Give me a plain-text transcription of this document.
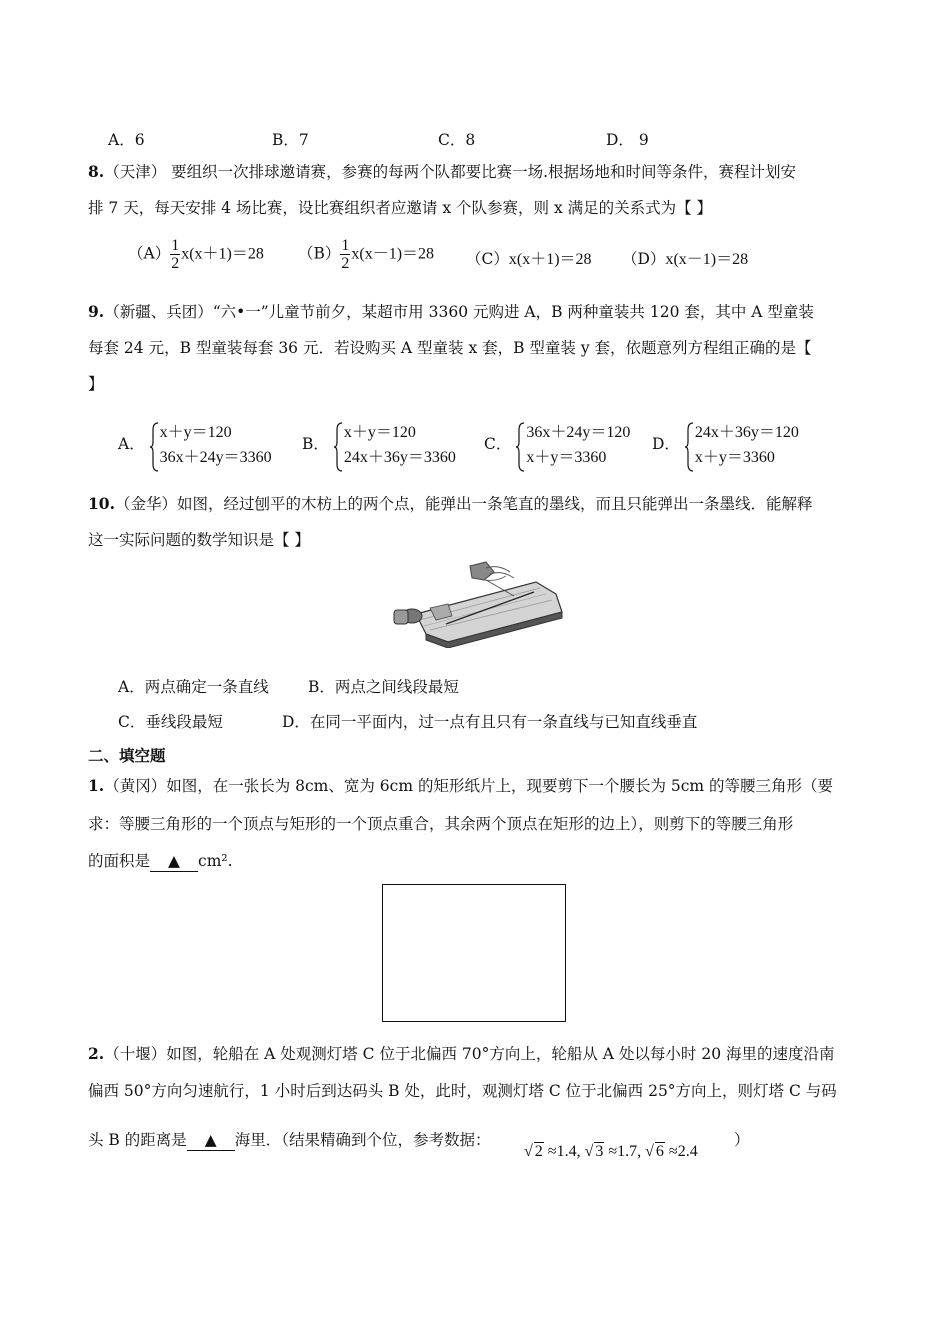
A．6	B．7	C．8	D． 9
8.（天津） 要组织一次排球邀请赛，参赛的每两个队都要比赛一场.根据场地和时间等条件，赛程计划安
排 7 天，每天安排 4 场比赛，设比赛组织者应邀请 x 个队参赛，则 x 满足的关系式为【 】
$(A) \frac{1}{2} x(x+1)=28$ $(B) \frac{1}{2} x(x-1)=28$ （C）x(x＋1)＝28 （D）x(x－1)＝28
9.（新疆、兵团）“六•一”儿童节前夕，某超市用 3360 元购进 A，B 两种童装共 120 套，其中 A 型童装
每套 24 元，B 型童装每套 36 元．若设购买 A 型童装 x 套，B 型童装 y 套，依题意列方程组正确的是【
】
A．
x＋y＝120
36x＋24y＝3360
B．
x＋y＝120
24x＋36y＝3360
C．
36x＋24y＝120
x＋y＝3360
D．
24x＋36y＝120
x＋y＝3360
10.（金华）如图，经过刨平的木枋上的两个点，能弹出一条笔直的墨线，而且只能弹出一条墨线．能解释
这一实际问题的数学知识是【 】
A．两点确定一条直线	B．两点之间线段最短
C．垂线段最短	D．在同一平面内，过一点有且只有一条直线与已知直线垂直
二、填空题
1.（黄冈）如图，在一张长为 8cm、宽为 6cm 的矩形纸片上，现要剪下一个腰长为 5cm 的等腰三角形（要
求：等腰三角形的一个顶点与矩形的一个顶点重合，其余两个顶点在矩形的边上），则剪下的等腰三角形
的面积是 ▲ cm².
2.（十堰）如图，轮船在 A 处观测灯塔 C 位于北偏西 70°方向上，轮船从 A 处以每小时 20 海里的速度沿南
偏西 50°方向匀速航行，1 小时后到达码头 B 处，此时，观测灯塔 C 位于北偏西 25°方向上，则灯塔 C 与码
头 B 的距离是 ▲ 海里．（结果精确到个位，参考数据：
√ 2 ≈1.4, √ 3 ≈1.7, √ 6 ≈2.4
）
